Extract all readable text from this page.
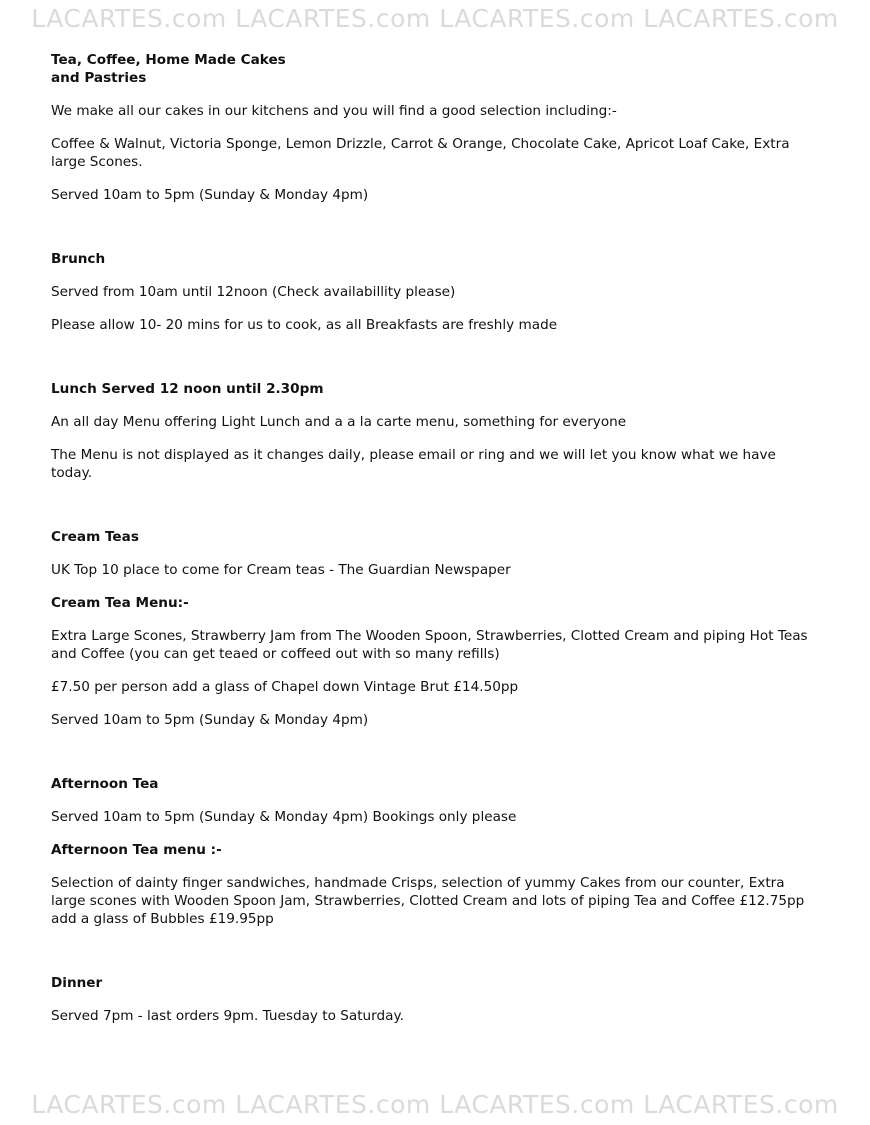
LACARTES.com LACARTES.com LACARTES.com LACARTES.com
Tea, Coffee, Home Made Cakes and Pastries

We make all our cakes in our kitchens and you will find a good selection including:-

Coffee & Walnut, Victoria Sponge, Lemon Drizzle, Carrot & Orange, Chocolate Cake, Apricot Loaf Cake, Extra large Scones.

Served 10am to 5pm (Sunday & Monday 4pm)

Brunch

Served from 10am until 12noon (Check availabillity please)

Please allow 10- 20 mins for us to cook, as all Breakfasts are freshly made

Lunch Served 12 noon until 2.30pm

An all day Menu offering Light Lunch and a a la carte menu, something for everyone

The Menu is not displayed as it changes daily, please email or ring and we will let you know what we have today.

Cream Teas

UK Top 10 place to come for Cream teas - The Guardian Newspaper

Cream Tea Menu:-

Extra Large Scones, Strawberry Jam from The Wooden Spoon, Strawberries, Clotted Cream and piping Hot Teas and Coffee (you can get teaed or coffeed out with so many refills)

£7.50 per person add a glass of Chapel down Vintage Brut £14.50pp

Served 10am to 5pm (Sunday & Monday 4pm)

Afternoon Tea

Served 10am to 5pm (Sunday & Monday 4pm) Bookings only please

Afternoon Tea menu :-

Selection of dainty finger sandwiches, handmade Crisps, selection of yummy Cakes from our counter, Extra large scones with Wooden Spoon Jam, Strawberries, Clotted Cream and lots of piping Tea and Coffee £12.75pp add a glass of Bubbles £19.95pp

Dinner

Served 7pm - last orders 9pm. Tuesday to Saturday.

LACARTES.com LACARTES.com LACARTES.com LACARTES.com
